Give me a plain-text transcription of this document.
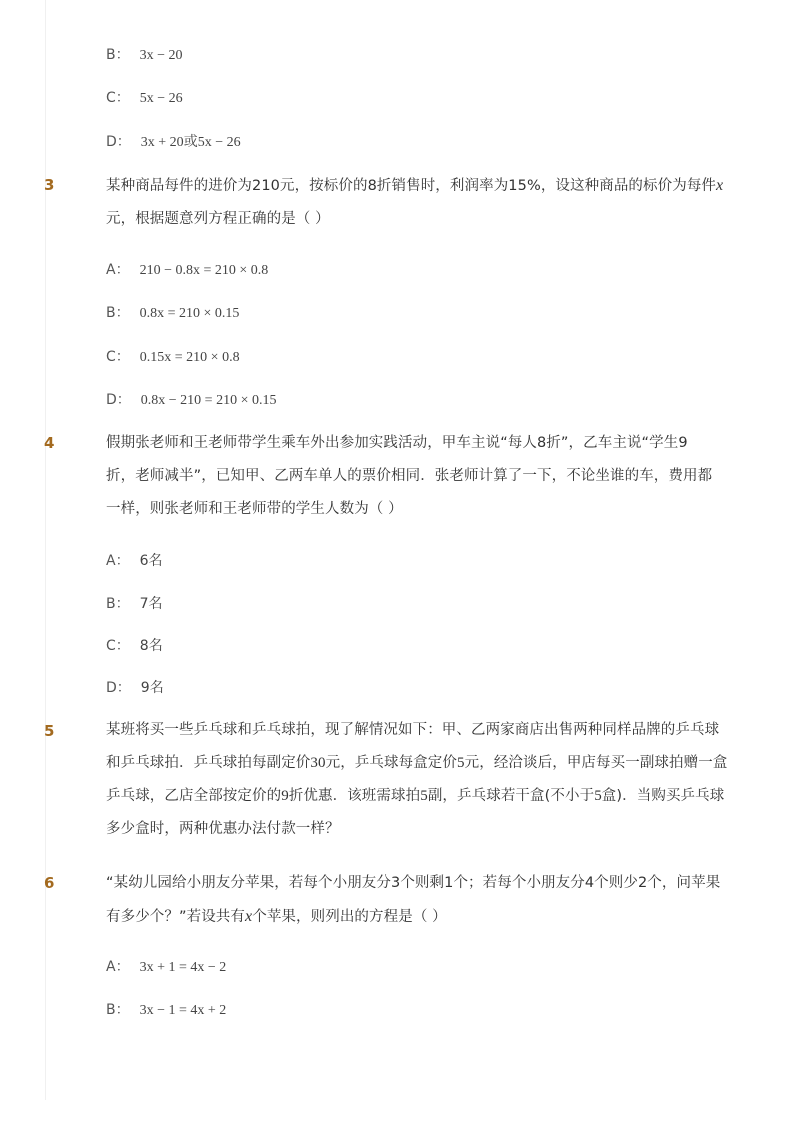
B： 3x − 20
C： 5x − 26
D： 3x + 20或5x − 26
3	某种商品每件的进价为210元，按标价的8折销售时，利润率为15%，设这种商品的标价为每件x
元，根据题意列方程正确的是（ ）
A： 210 − 0.8x = 210 × 0.8
B： 0.8x = 210 × 0.15
C： 0.15x = 210 × 0.8
D： 0.8x − 210 = 210 × 0.15
4	假期张老师和王老师带学生乘车外出参加实践活动，甲车主说“每人8折”，乙车主说“学生9
折，老师减半”，已知甲、乙两车单人的票价相同．张老师计算了一下，不论坐谁的车，费用都
一样，则张老师和王老师带的学生人数为（ ）
A： 6名
B： 7名
C： 8名
D： 9名
5	某班将买一些乒乓球和乒乓球拍，现了解情况如下：甲、乙两家商店出售两种同样品牌的乒乓球
和乒乓球拍．乒乓球拍每副定价30元，乒乓球每盒定价5元，经洽谈后，甲店每买一副球拍赠一盒
乒乓球，乙店全部按定价的9折优惠．该班需球拍5副，乒乓球若干盒(不小于5盒)．当购买乒乓球
多少盒时，两种优惠办法付款一样？
6	“某幼儿园给小朋友分苹果，若每个小朋友分3个则剩1个；若每个小朋友分4个则少2个，问苹果
有多少个？”若设共有x个苹果，则列出的方程是（ ）
A： 3x + 1 = 4x − 2
B： 3x − 1 = 4x + 2
